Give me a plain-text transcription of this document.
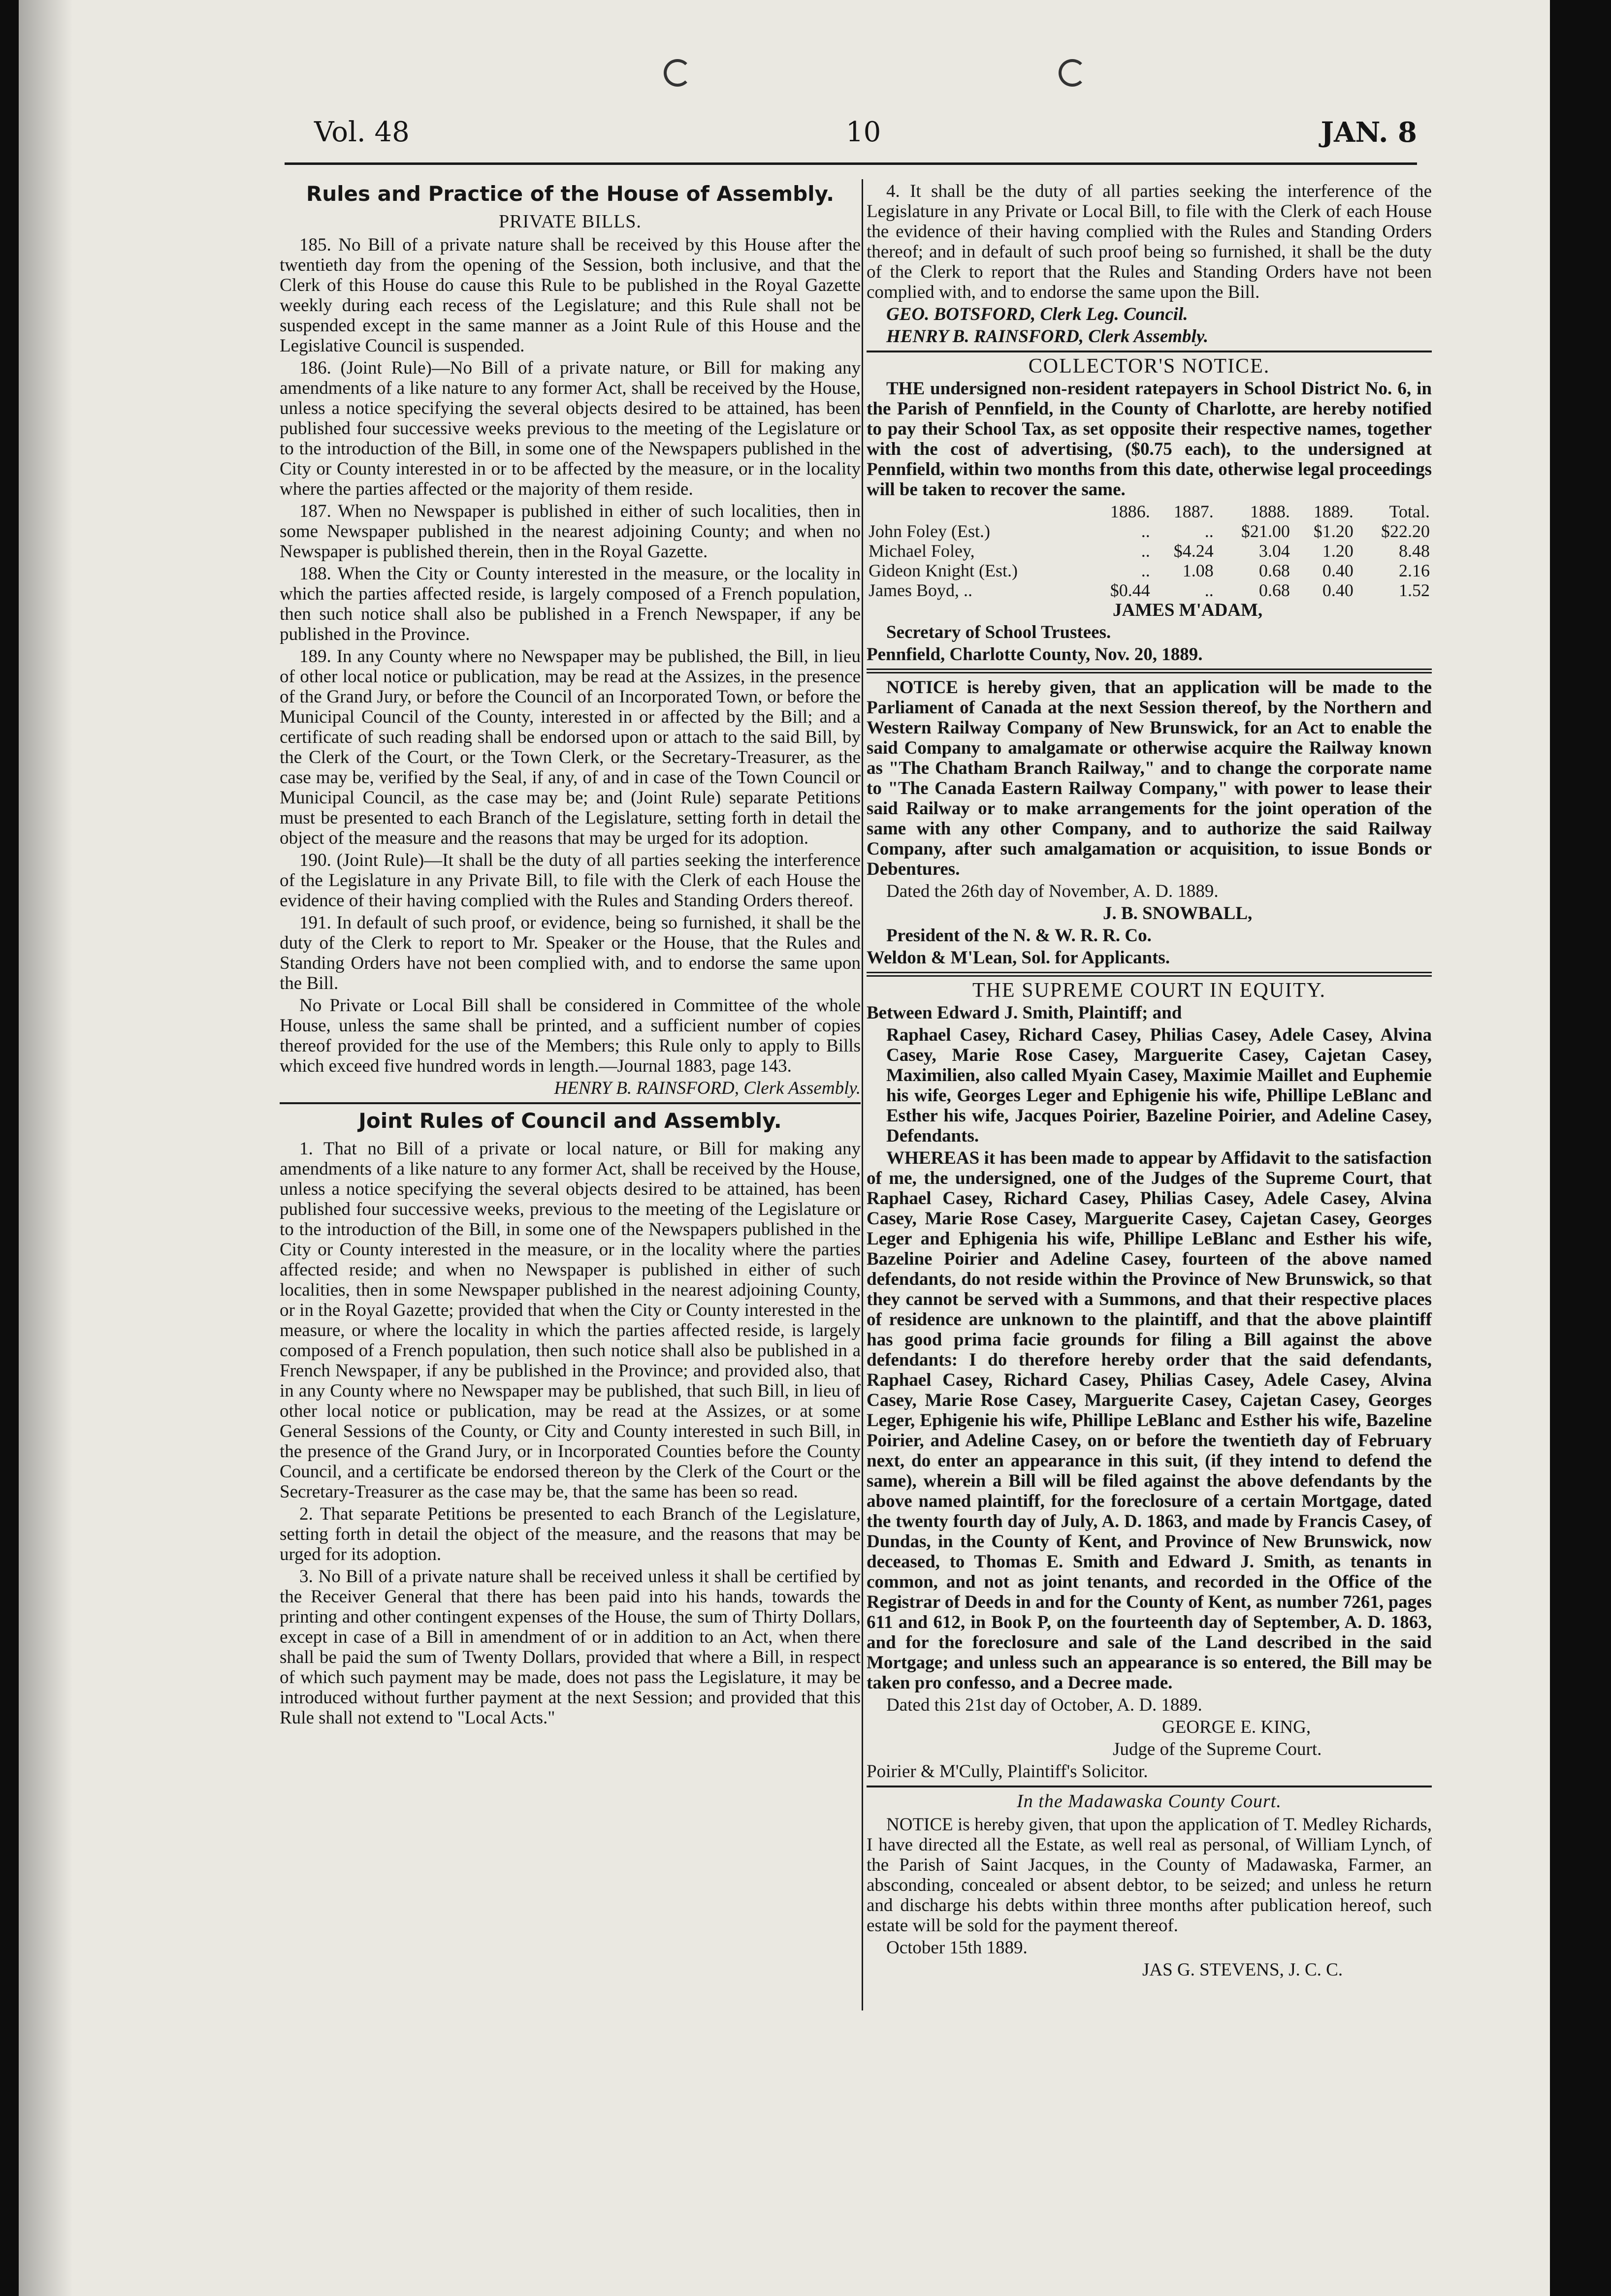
Vol. 48	10	JAN. 8
Rules and Practice of the House of Assembly.
PRIVATE BILLS.

185. No Bill of a private nature shall be received by this House after the twentieth day from the opening of the Session, both inclusive, and that the Clerk of this House do cause this Rule to be published in the Royal Gazette weekly during each recess of the Legislature; and this Rule shall not be suspended except in the same manner as a Joint Rule of this House and the Legislative Council is suspended.

186. (Joint Rule)—No Bill of a private nature, or Bill for making any amendments of a like nature to any former Act, shall be received by the House, unless a notice specifying the several objects desired to be attained, has been published four successive weeks previous to the meeting of the Legislature or to the introduction of the Bill, in some one of the Newspapers published in the City or County interested in or to be affected by the measure, or in the locality where the parties affected or the majority of them reside.

187. When no Newspaper is published in either of such localities, then in some Newspaper published in the nearest adjoining County; and when no Newspaper is published therein, then in the Royal Gazette.

188. When the City or County interested in the measure, or the locality in which the parties affected reside, is largely composed of a French population, then such notice shall also be published in a French Newspaper, if any be published in the Province.

189. In any County where no Newspaper may be published, the Bill, in lieu of other local notice or publication, may be read at the Assizes, in the presence of the Grand Jury, or before the Council of an Incorporated Town, or before the Municipal Council of the County, interested in or affected by the Bill; and a certificate of such reading shall be endorsed upon or attach to the said Bill, by the Clerk of the Court, or the Town Clerk, or the Secretary-Treasurer, as the case may be, verified by the Seal, if any, of and in case of the Town Council or Municipal Council, as the case may be; and (Joint Rule) separate Petitions must be presented to each Branch of the Legislature, setting forth in detail the object of the measure and the reasons that may be urged for its adoption.

190. (Joint Rule)—It shall be the duty of all parties seeking the interference of the Legislature in any Private Bill, to file with the Clerk of each House the evidence of their having complied with the Rules and Standing Orders thereof.

191. In default of such proof, or evidence, being so furnished, it shall be the duty of the Clerk to report to Mr. Speaker or the House, that the Rules and Standing Orders have not been complied with, and to endorse the same upon the Bill.

No Private or Local Bill shall be considered in Committee of the whole House, unless the same shall be printed, and a sufficient number of copies thereof provided for the use of the Members; this Rule only to apply to Bills which exceed five hundred words in length.—Journal 1883, page 143.

HENRY B. RAINSFORD, Clerk Assembly.

Joint Rules of Council and Assembly.

1. That no Bill of a private or local nature, or Bill for making any amendments of a like nature to any former Act, shall be received by the House, unless a notice specifying the several objects desired to be attained, has been published four successive weeks, previous to the meeting of the Legislature or to the introduction of the Bill, in some one of the Newspapers published in the City or County interested in the measure, or in the locality where the parties affected reside; and when no Newspaper is published in either of such localities, then in some Newspaper published in the nearest adjoining County, or in the Royal Gazette; provided that when the City or County interested in the measure, or where the locality in which the parties affected reside, is largely composed of a French population, then such notice shall also be published in a French Newspaper, if any be published in the Province; and provided also, that in any County where no Newspaper may be published, that such Bill, in lieu of other local notice or publication, may be read at the Assizes, or at some General Sessions of the County, or City and County interested in such Bill, in the presence of the Grand Jury, or in Incorporated Counties before the County Council, and a certificate be endorsed thereon by the Clerk of the Court or the Secretary-Treasurer as the case may be, that the same has been so read.

2. That separate Petitions be presented to each Branch of the Legislature, setting forth in detail the object of the measure, and the reasons that may be urged for its adoption.

3. No Bill of a private nature shall be received unless it shall be certified by the Receiver General that there has been paid into his hands, towards the printing and other contingent expenses of the House, the sum of Thirty Dollars, except in case of a Bill in amendment of or in addition to an Act, when there shall be paid the sum of Twenty Dollars, provided that where a Bill, in respect of which such payment may be made, does not pass the Legislature, it may be introduced without further payment at the next Session; and provided that this Rule shall not extend to "Local Acts."

4. It shall be the duty of all parties seeking the interference of the Legislature in any Private or Local Bill, to file with the Clerk of each House the evidence of their having complied with the Rules and Standing Orders thereof; and in default of such proof being so furnished, it shall be the duty of the Clerk to report that the Rules and Standing Orders have not been complied with, and to endorse the same upon the Bill.

GEO. BOTSFORD, Clerk Leg. Council.

HENRY B. RAINSFORD, Clerk Assembly.

COLLECTOR'S NOTICE.

THE undersigned non-resident ratepayers in School District No. 6, in the Parish of Pennfield, in the County of Charlotte, are hereby notified to pay their School Tax, as set opposite their respective names, together with the cost of advertising, ($0.75 each), to the undersigned at Pennfield, within two months from this date, otherwise legal proceedings will be taken to recover the same.

	1886.	1887.	1888.	1889.	Total.
John Foley (Est.)	..	..	$21.00	$1.20	$22.20
Michael Foley,	..	$4.24	3.04	1.20	8.48
Gideon Knight (Est.)	..	1.08	0.68	0.40	2.16
James Boyd, ..	$0.44	..	0.68	0.40	1.52

JAMES M'ADAM,

Secretary of School Trustees.

Pennfield, Charlotte County, Nov. 20, 1889.

NOTICE is hereby given, that an application will be made to the Parliament of Canada at the next Session thereof, by the Northern and Western Railway Company of New Brunswick, for an Act to enable the said Company to amalgamate or otherwise acquire the Railway known as "The Chatham Branch Railway," and to change the corporate name to "The Canada Eastern Railway Company," with power to lease their said Railway or to make arrangements for the joint operation of the same with any other Company, and to authorize the said Railway Company, after such amalgamation or acquisition, to issue Bonds or Debentures.

Dated the 26th day of November, A. D. 1889.

J. B. SNOWBALL,

President of the N. & W. R. R. Co.

Weldon & M'Lean, Sol. for Applicants.

THE SUPREME COURT IN EQUITY.

Between Edward J. Smith, Plaintiff; and

Raphael Casey, Richard Casey, Philias Casey, Adele Casey, Alvina Casey, Marie Rose Casey, Marguerite Casey, Cajetan Casey, Maximilien, also called Myain Casey, Maximie Maillet and Euphemie his wife, Georges Leger and Ephigenie his wife, Phillipe LeBlanc and Esther his wife, Jacques Poirier, Bazeline Poirier, and Adeline Casey, Defendants.

WHEREAS it has been made to appear by Affidavit to the satisfaction of me, the undersigned, one of the Judges of the Supreme Court, that Raphael Casey, Richard Casey, Philias Casey, Adele Casey, Alvina Casey, Marie Rose Casey, Marguerite Casey, Cajetan Casey, Georges Leger and Ephigenia his wife, Phillipe LeBlanc and Esther his wife, Bazeline Poirier and Adeline Casey, fourteen of the above named defendants, do not reside within the Province of New Brunswick, so that they cannot be served with a Summons, and that their respective places of residence are unknown to the plaintiff, and that the above plaintiff has good prima facie grounds for filing a Bill against the above defendants: I do therefore hereby order that the said defendants, Raphael Casey, Richard Casey, Philias Casey, Adele Casey, Alvina Casey, Marie Rose Casey, Marguerite Casey, Cajetan Casey, Georges Leger, Ephigenie his wife, Phillipe LeBlanc and Esther his wife, Bazeline Poirier, and Adeline Casey, on or before the twentieth day of February next, do enter an appearance in this suit, (if they intend to defend the same), wherein a Bill will be filed against the above defendants by the above named plaintiff, for the foreclosure of a certain Mortgage, dated the twenty fourth day of July, A. D. 1863, and made by Francis Casey, of Dundas, in the County of Kent, and Province of New Brunswick, now deceased, to Thomas E. Smith and Edward J. Smith, as tenants in common, and not as joint tenants, and recorded in the Office of the Registrar of Deeds in and for the County of Kent, as number 7261, pages 611 and 612, in Book P, on the fourteenth day of September, A. D. 1863, and for the foreclosure and sale of the Land described in the said Mortgage; and unless such an appearance is so entered, the Bill may be taken pro confesso, and a Decree made.

Dated this 21st day of October, A. D. 1889.

GEORGE E. KING,

Judge of the Supreme Court.

Poirier & M'Cully, Plaintiff's Solicitor.

In the Madawaska County Court.

NOTICE is hereby given, that upon the application of T. Medley Richards, I have directed all the Estate, as well real as personal, of William Lynch, of the Parish of Saint Jacques, in the County of Madawaska, Farmer, an absconding, concealed or absent debtor, to be seized; and unless he return and discharge his debts within three months after publication hereof, such estate will be sold for the payment thereof.

October 15th 1889.

JAS G. STEVENS, J. C. C.
